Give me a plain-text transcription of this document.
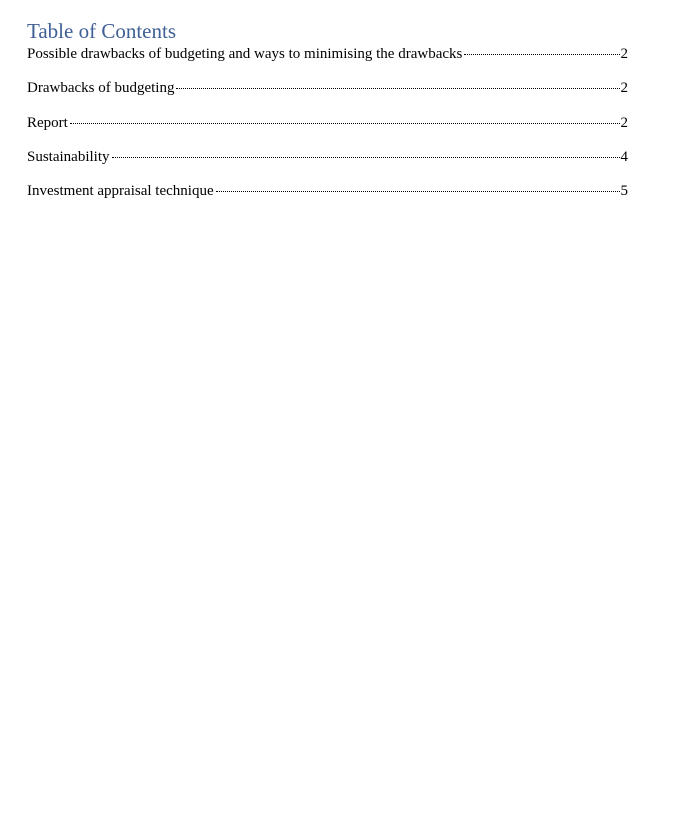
Table of Contents
Possible drawbacks of budgeting and ways to minimising the drawbacks	2
Drawbacks of budgeting	2
Report	2
Sustainability	4
Investment appraisal technique	5
